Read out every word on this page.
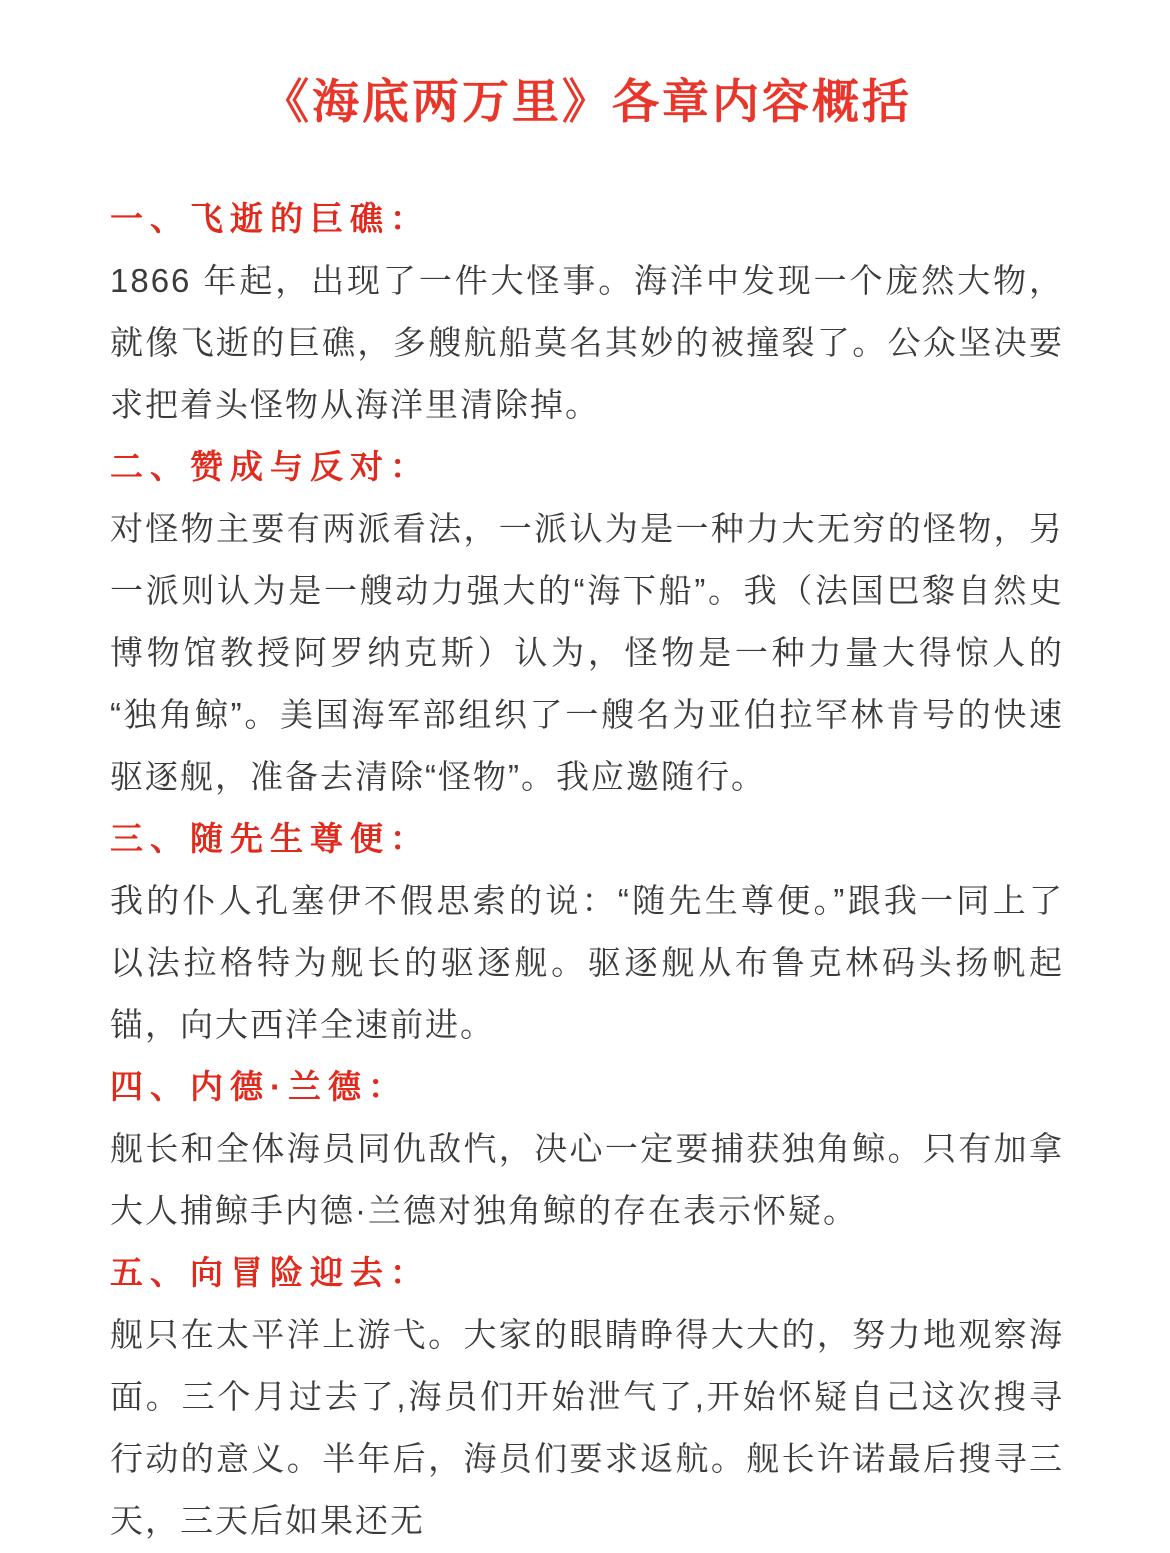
《海底两万里》各章内容概括
一、飞逝的巨礁：

1866 年起，出现了一件大怪事。海洋中发现一个庞然大物，就像飞逝的巨礁，多艘航船莫名其妙的被撞裂了。公众坚决要求把着头怪物从海洋里清除掉。

二、赞成与反对：

对怪物主要有两派看法，一派认为是一种力大无穷的怪物，另一派则认为是一艘动力强大的“海下船”。我（法国巴黎自然史博物馆教授阿罗纳克斯）认为，怪物是一种力量大得惊人的“独角鲸”。美国海军部组织了一艘名为亚伯拉罕林肯号的快速驱逐舰，准备去清除“怪物”。我应邀随行。

三、随先生尊便：

我的仆人孔塞伊不假思索的说：“随先生尊便。”跟我一同上了以法拉格特为舰长的驱逐舰。驱逐舰从布鲁克林码头扬帆起锚，向大西洋全速前进。

四、内德·兰德：

舰长和全体海员同仇敌忾，决心一定要捕获独角鲸。只有加拿大人捕鲸手内德·兰德对独角鲸的存在表示怀疑。

五、向冒险迎去：

舰只在太平洋上游弋。大家的眼睛睁得大大的，努力地观察海面。三个月过去了,海员们开始泄气了,开始怀疑自己这次搜寻行动的意义。半年后，海员们要求返航。舰长许诺最后搜寻三天，三天后如果还无
